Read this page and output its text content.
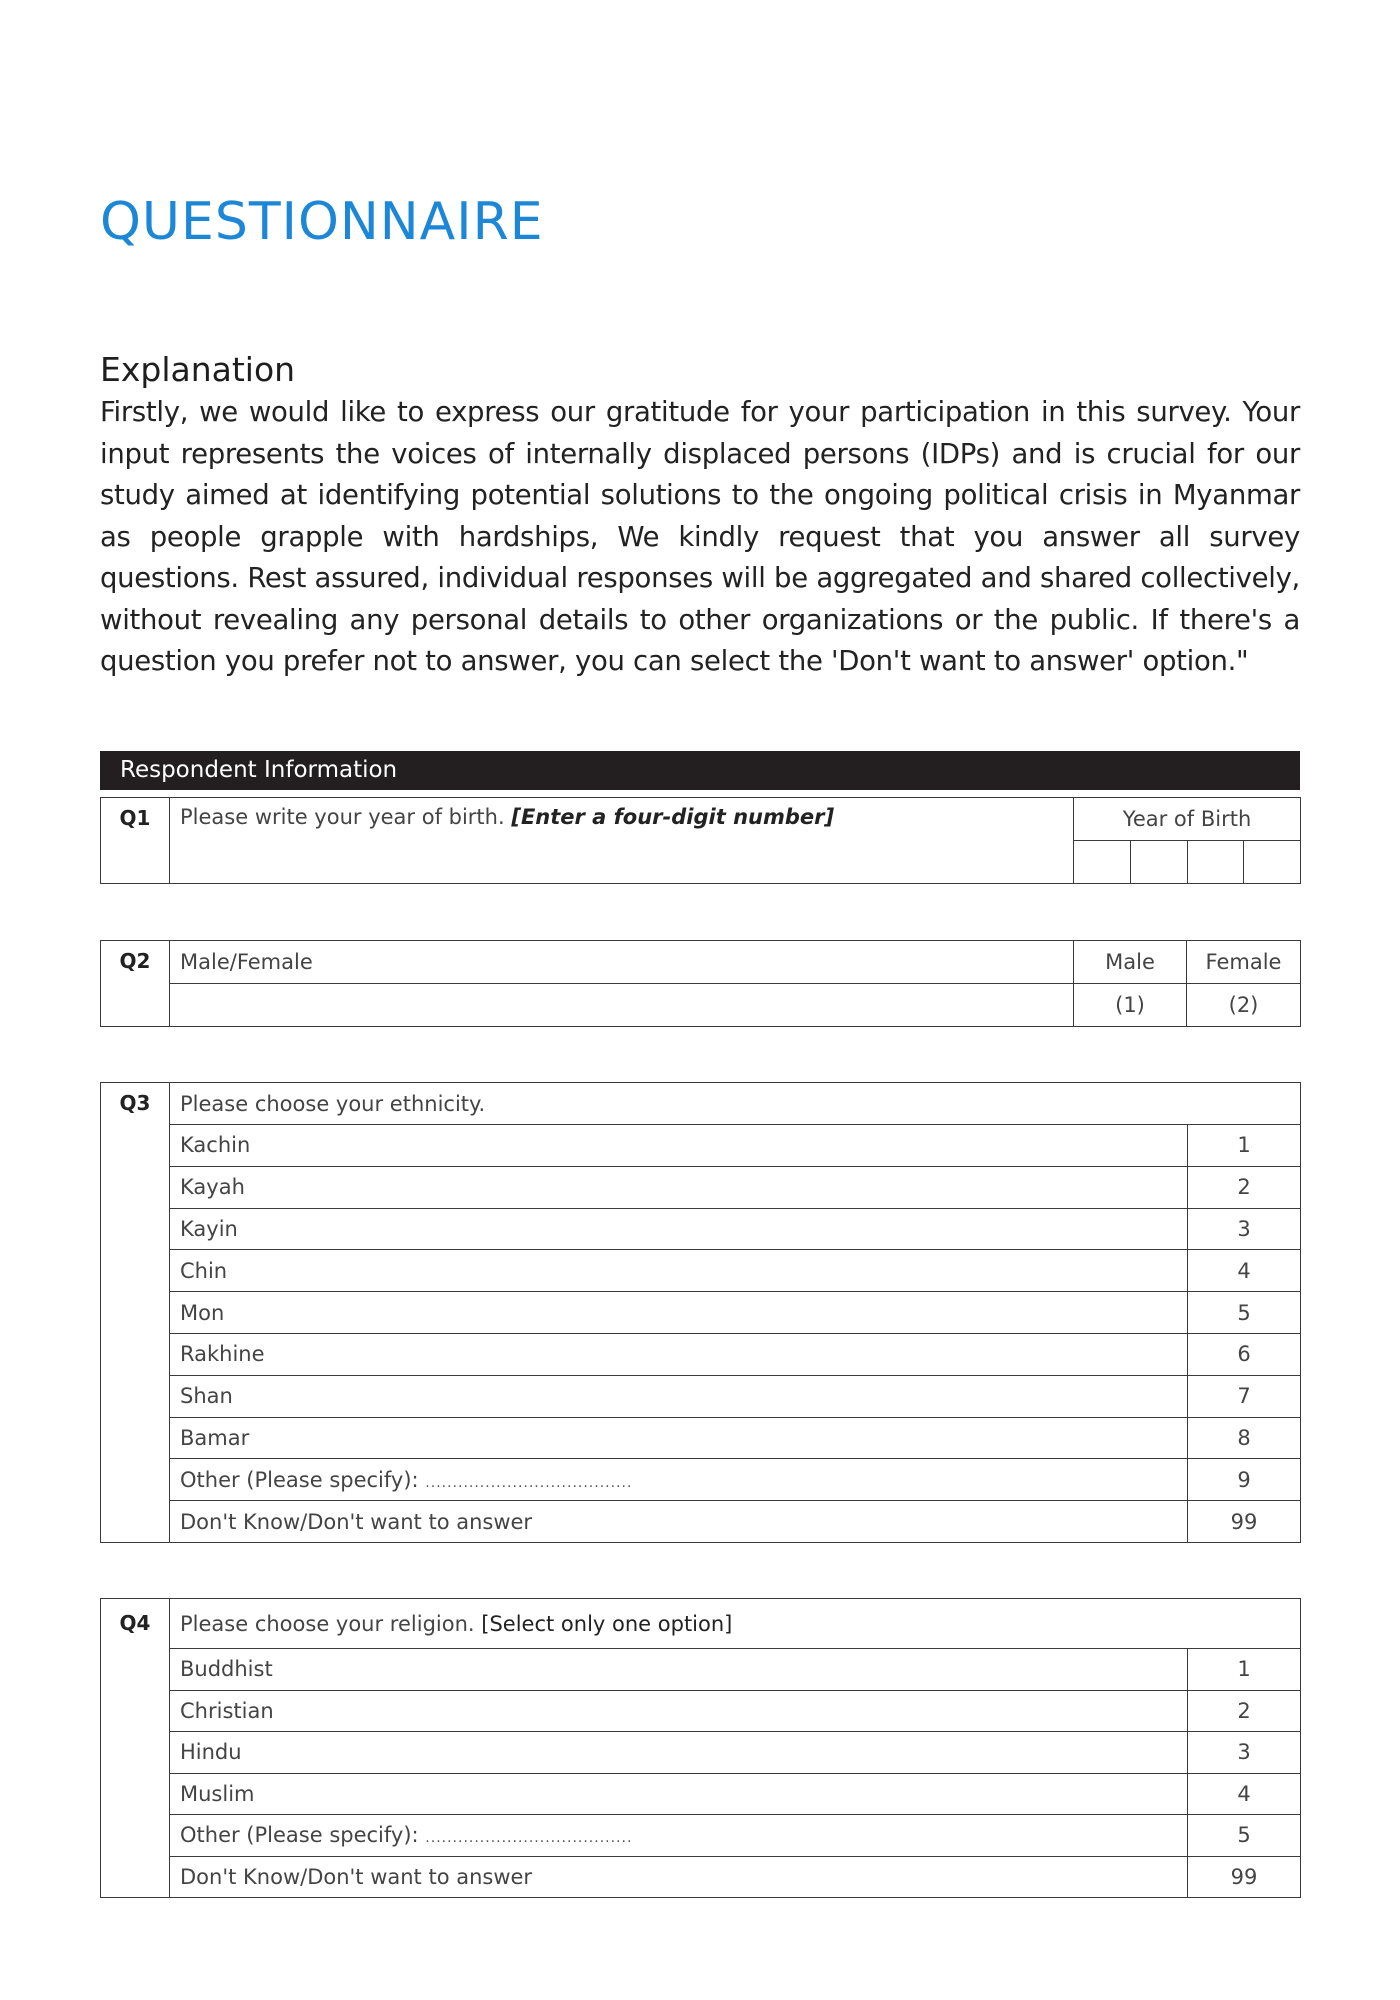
QUESTIONNAIRE
Explanation

Firstly, we would like to express our gratitude for your participation in this survey. Your input represents the voices of internally displaced persons (IDPs) and is crucial for our study aimed at identifying potential solutions to the ongoing political crisis in Myanmar as people grapple with hardships, We kindly request that you answer all survey questions. Rest assured, individual responses will be aggregated and shared collectively, without revealing any personal details to other organizations or the public. If there's a question you prefer not to answer, you can select the 'Don't want to answer' option."

Respondent Information
Q1	Please write your year of birth. [Enter a four-digit number]	Year of Birth			

Q2	Male/Female	Male	Female
		(1)	(2)
Q3	Please choose your ethnicity.	
	Kachin	1
	Kayah	2
	Kayin	3
	Chin	4
	Mon	5
	Rakhine	6
	Shan	7
	Bamar	8
	Other (Please specify): ......................................	9
	Don't Know/Don't want to answer	99
Q4	Please choose your religion. [Select only one option]	
	Buddhist	1
	Christian	2
	Hindu	3
	Muslim	4
	Other (Please specify): ......................................	5
	Don't Know/Don't want to answer	99
